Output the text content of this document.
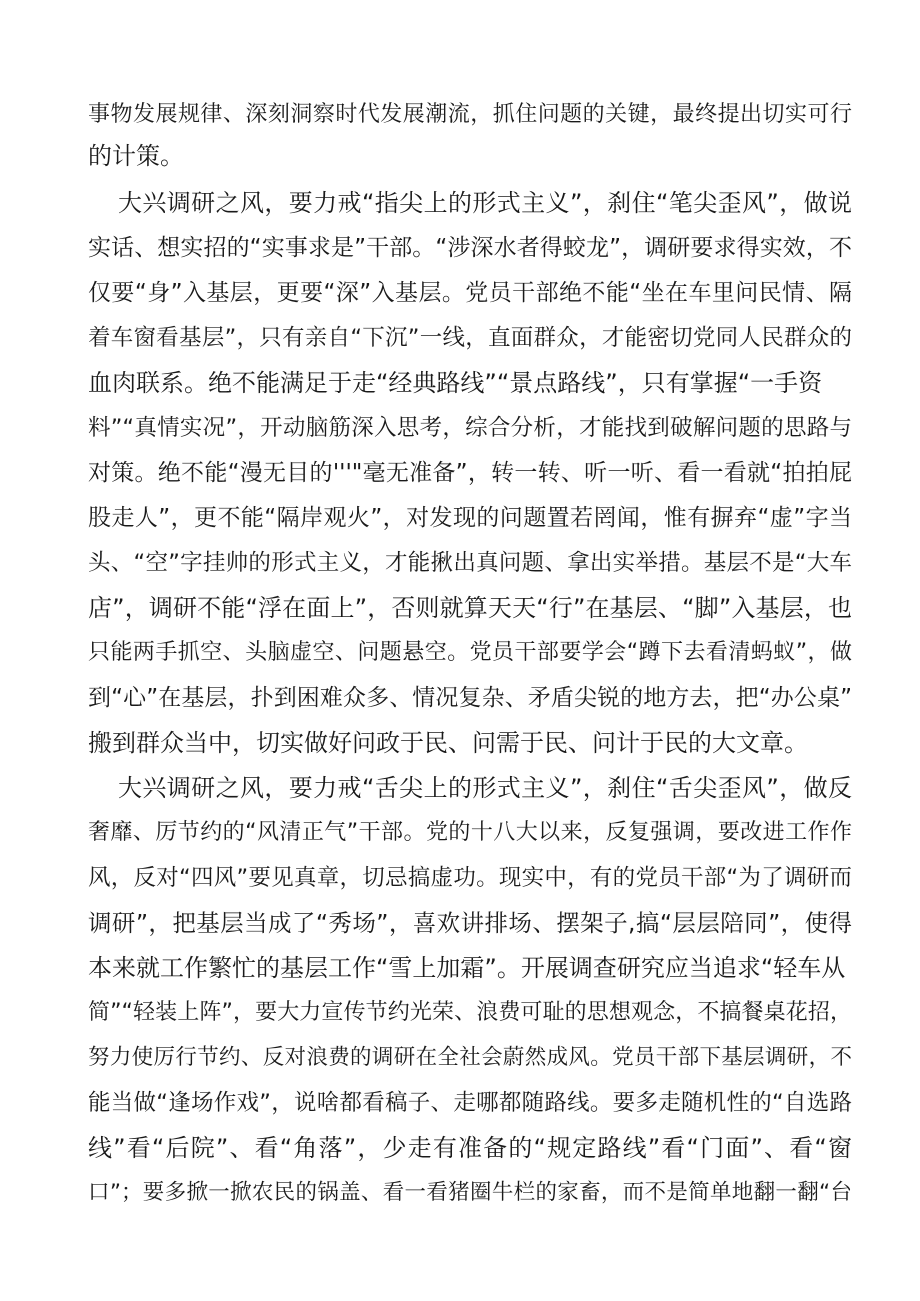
事物发展规律、深刻洞察时代发展潮流，抓住问题的关键，最终提出切实可行
的计策。
大兴调研之风，要力戒“指尖上的形式主义”，刹住“笔尖歪风”，做说
实话、想实招的“实事求是”干部。“涉深水者得蛟龙”，调研要求得实效，不
仅要“身”入基层，更要“深”入基层。党员干部绝不能“坐在车里问民情、隔
着车窗看基层”，只有亲自“下沉”一线，直面群众，才能密切党同人民群众的
血肉联系。绝不能满足于走“经典路线”“景点路线”，只有掌握“一手资
料”“真情实况”，开动脑筋深入思考，综合分析，才能找到破解问题的思路与
对策。绝不能“漫无目的'''"毫无准备”，转一转、听一听、看一看就“拍拍屁
股走人”，更不能“隔岸观火”，对发现的问题置若罔闻，惟有摒弃“虚”字当
头、“空”字挂帅的形式主义，才能揪出真问题、拿出实举措。基层不是“大车
店”，调研不能“浮在面上”，否则就算天天“行”在基层、“脚”入基层，也
只能两手抓空、头脑虚空、问题悬空。党员干部要学会“蹲下去看清蚂蚁”，做
到“心”在基层，扑到困难众多、情况复杂、矛盾尖锐的地方去，把“办公桌”
搬到群众当中，切实做好问政于民、问需于民、问计于民的大文章。
大兴调研之风，要力戒“舌尖上的形式主义”，刹住“舌尖歪风”，做反
奢靡、厉节约的“风清正气”干部。党的十八大以来，反复强调，要改进工作作
风，反对“四风”要见真章，切忌搞虚功。现实中，有的党员干部“为了调研而
调研”，把基层当成了“秀场”，喜欢讲排场、摆架子,搞“层层陪同”，使得
本来就工作繁忙的基层工作“雪上加霜”。开展调查研究应当追求“轻车从
简”“轻装上阵”，要大力宣传节约光荣、浪费可耻的思想观念，不搞餐桌花招，
努力使厉行节约、反对浪费的调研在全社会蔚然成风。党员干部下基层调研，不
能当做“逢场作戏”，说啥都看稿子、走哪都随路线。要多走随机性的“自选路
线”看“后院”、看“角落”，少走有准备的“规定路线”看“门面”、看“窗
口”；要多掀一掀农民的锅盖、看一看猪圈牛栏的家畜，而不是简单地翻一翻“台
